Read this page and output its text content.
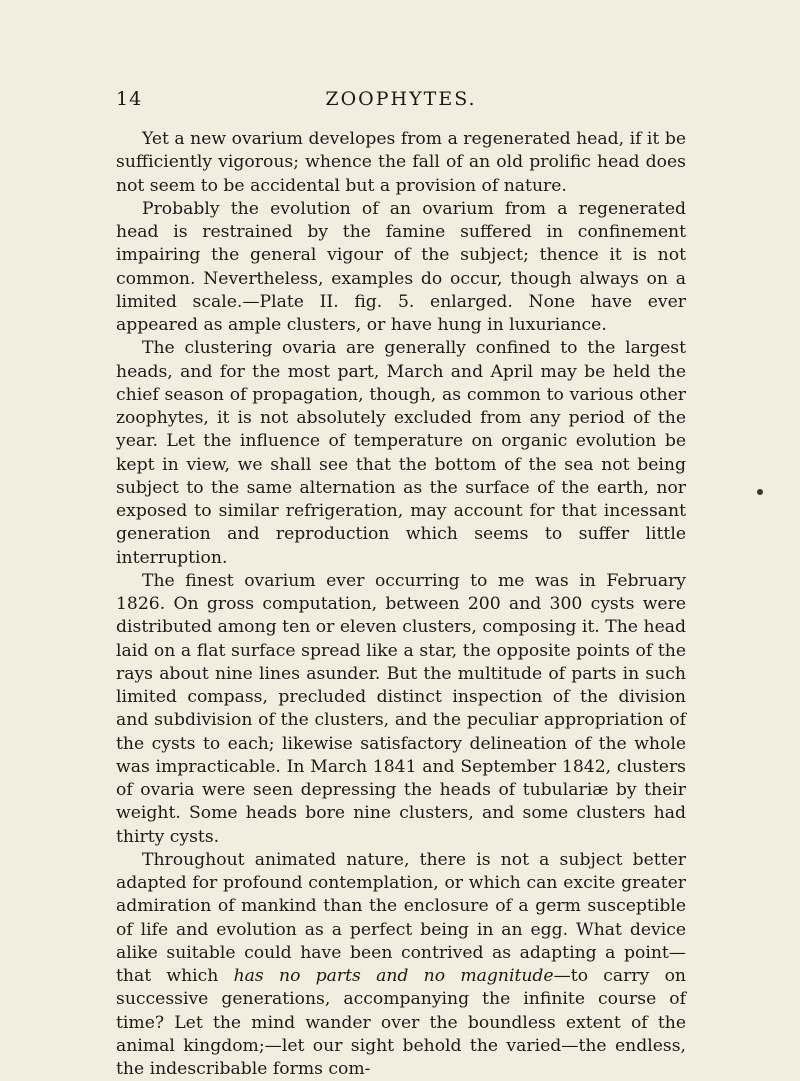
14	ZOOPHYTES.

Yet a new ovarium developes from a regenerated head, if it be sufficiently vigorous; whence the fall of an old prolific head does not seem to be accidental but a provision of nature.

Probably the evolution of an ovarium from a regenerated head is restrained by the famine suffered in confinement impairing the general vigour of the subject; thence it is not common. Nevertheless, examples do occur, though always on a limited scale.—Plate II. fig. 5. enlarged. None have ever appeared as ample clusters, or have hung in luxuriance.

The clustering ovaria are generally confined to the largest heads, and for the most part, March and April may be held the chief season of propagation, though, as common to various other zoophytes, it is not absolutely excluded from any period of the year. Let the influence of temperature on organic evolution be kept in view, we shall see that the bottom of the sea not being subject to the same alternation as the surface of the earth, nor exposed to similar refrigeration, may account for that incessant generation and reproduction which seems to suffer little interruption.

The finest ovarium ever occurring to me was in February 1826. On gross computation, between 200 and 300 cysts were distributed among ten or eleven clusters, composing it. The head laid on a flat surface spread like a star, the opposite points of the rays about nine lines asunder. But the multitude of parts in such limited compass, precluded distinct inspection of the division and subdivision of the clusters, and the peculiar appropriation of the cysts to each; likewise satisfactory delineation of the whole was impracticable. In March 1841 and September 1842, clusters of ovaria were seen depressing the heads of tubulariæ by their weight. Some heads bore nine clusters, and some clusters had thirty cysts.

Throughout animated nature, there is not a subject better adapted for profound contemplation, or which can excite greater admiration of mankind than the enclosure of a germ susceptible of life and evolution as a perfect being in an egg. What device alike suitable could have been contrived as adapting a point—that which has no parts and no magnitude—to carry on successive generations, accompanying the infinite course of time? Let the mind wander over the boundless extent of the animal kingdom;—let our sight behold the varied—the endless, the indescribable forms com-
